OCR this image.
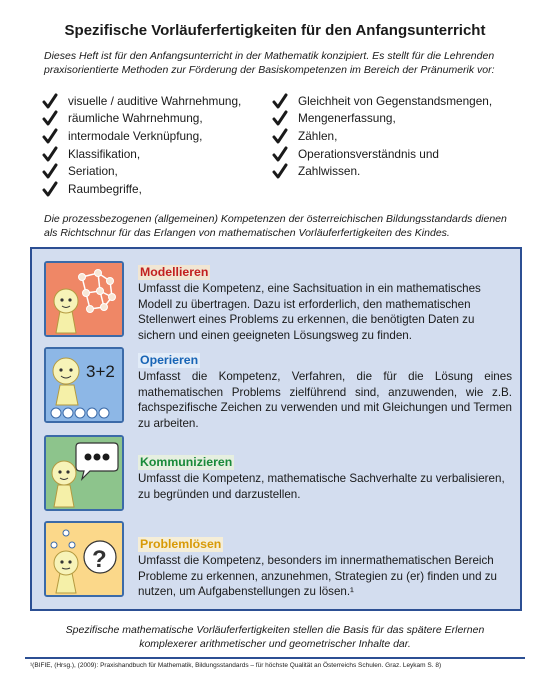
Spezifische Vorläuferfertigkeiten für den Anfangsunterricht
Dieses Heft ist für den Anfangsunterricht in der Mathematik konzipiert. Es stellt für die Lehrenden praxisorientierte Methoden zur Förderung der Basiskompetenzen im Bereich der Pränumerik vor:
visuelle / auditive Wahrnehmung,
räumliche Wahrnehmung,
intermodale Verknüpfung,
Klassifikation,
Seriation,
Raumbegriffe,
Gleichheit von Gegenstandsmengen,
Mengenerfassung,
Zählen,
Operationsverständnis und
Zahlwissen.
Die prozessbezogenen (allgemeinen) Kompetenzen der österreichischen Bildungsstandards dienen als Richtschnur für das Erlangen von mathematischen Vorläuferfertigkeiten des Kindes.
Modellieren
Umfasst die Kompetenz, eine Sachsituation in ein mathematisches Modell zu übertragen. Dazu ist erforderlich, den mathematischen Stellenwert eines Problems zu erkennen, die benötigten Daten zu sichern und einen geeigneten Lösungsweg zu finden.
3+2
Operieren
Umfasst die Kompetenz, Verfahren, die für die Lösung eines mathematischen Problems zielführend sind, anzuwenden, wie z.B. fachspezifische Zeichen zu verwenden und mit Gleichungen und Termen zu arbeiten.
Kommunizieren
Umfasst die Kompetenz, mathematische Sachverhalte zu verbalisieren, zu begründen und darzustellen.
?
Problemlösen
Umfasst die Kompetenz, besonders im innermathematischen Bereich Probleme zu erkennen, anzunehmen, Strategien zu (er) finden und zu nutzen, um Aufgabenstellungen zu lösen.¹
Spezifische mathematische Vorläuferfertigkeiten stellen die Basis für das spätere Erlernen komplexerer arithmetischer und geometrischer Inhalte dar.
¹(BIFIE, (Hrsg.), (2009): Praxishandbuch für Mathematik, Bildungsstandards – für höchste Qualität an Österreichs Schulen. Graz. Leykam S. 8)
